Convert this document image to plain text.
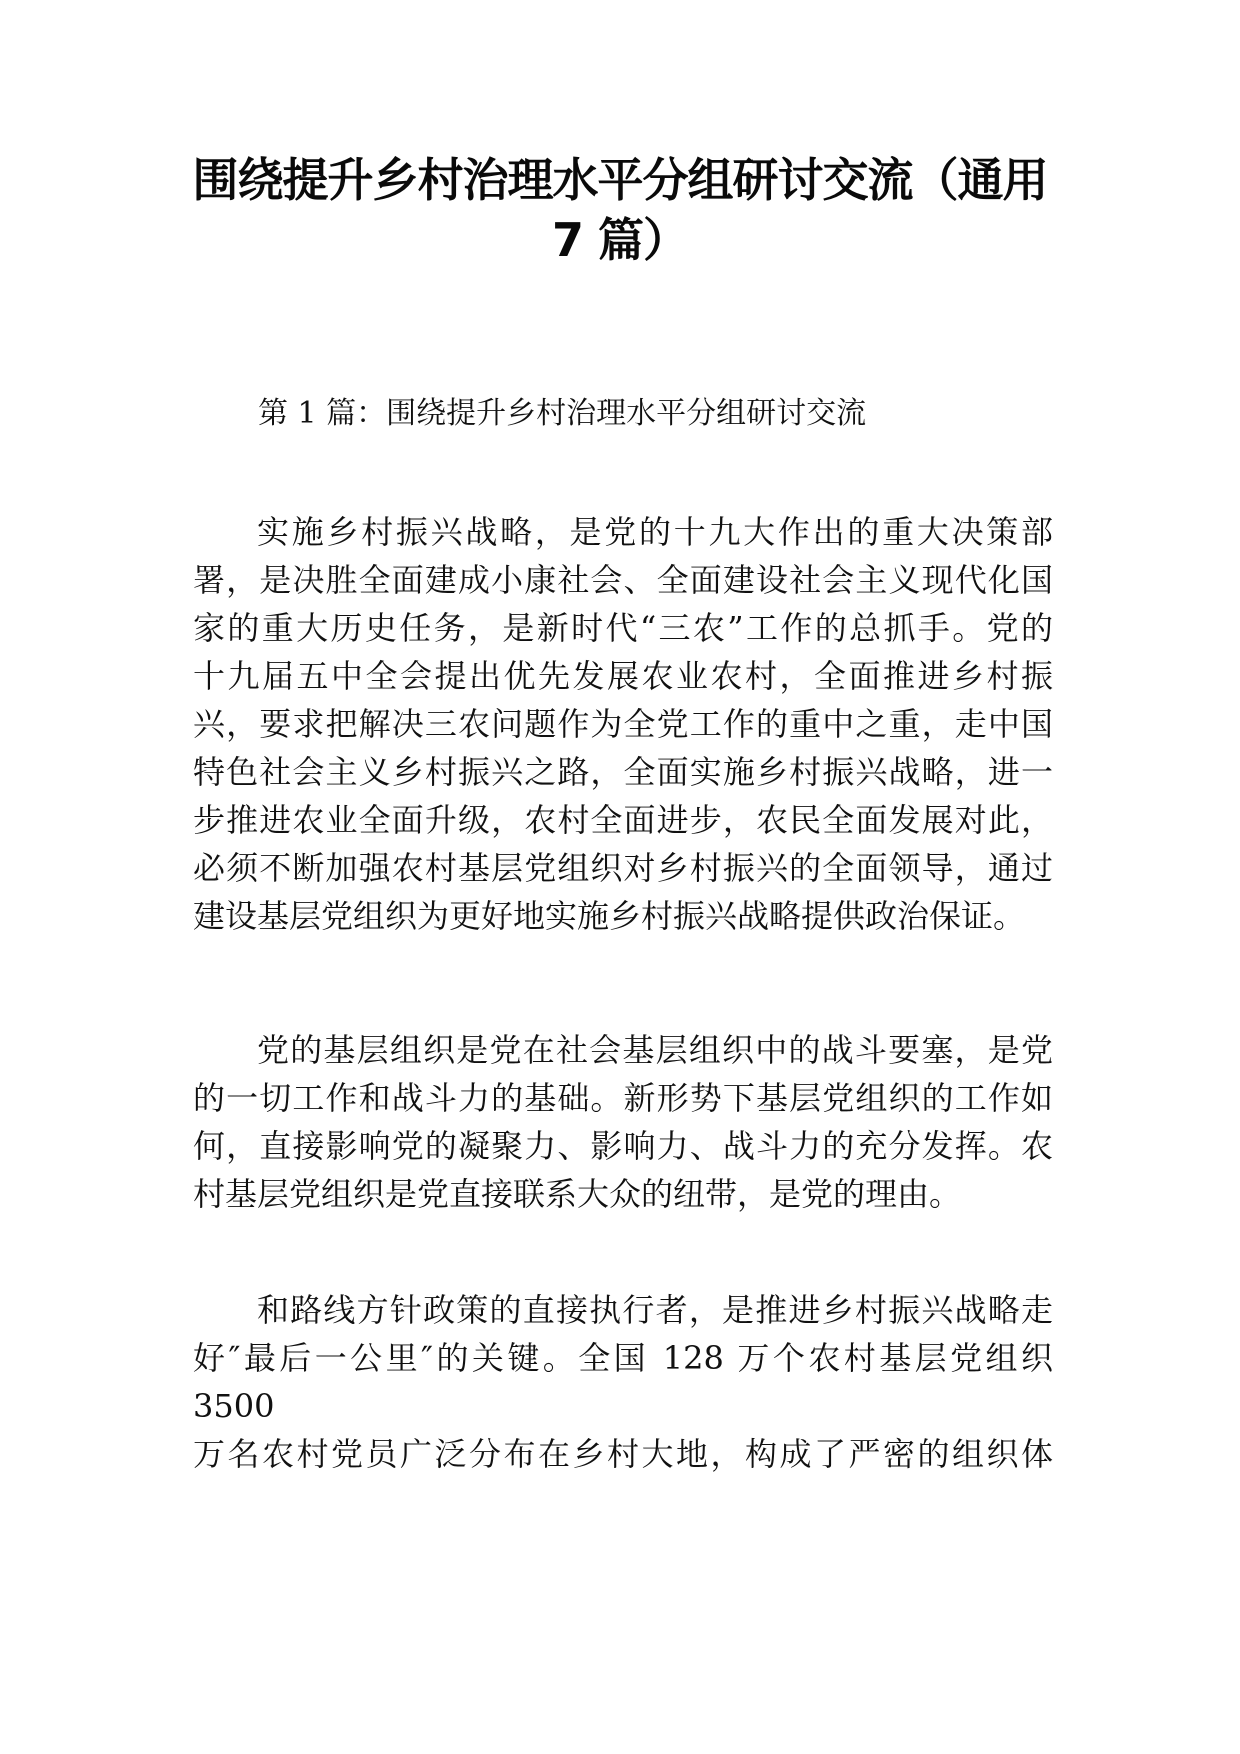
围绕提升乡村治理水平分组研讨交流（通用
7 篇）
第 1 篇：围绕提升乡村治理水平分组研讨交流
实施乡村振兴战略，是党的十九大作出的重大决策部
署，是决胜全面建成小康社会、全面建设社会主义现代化国
家的重大历史任务，是新时代“三农”工作的总抓手。党的
十九届五中全会提出优先发展农业农村，全面推进乡村振
兴，要求把解决三农问题作为全党工作的重中之重，走中国
特色社会主义乡村振兴之路，全面实施乡村振兴战略，进一
步推进农业全面升级，农村全面进步，农民全面发展对此，
必须不断加强农村基层党组织对乡村振兴的全面领导，通过
建设基层党组织为更好地实施乡村振兴战略提供政治保证。
党的基层组织是党在社会基层组织中的战斗要塞，是党
的一切工作和战斗力的基础。新形势下基层党组织的工作如
何，直接影响党的凝聚力、影响力、战斗力的充分发挥。农
村基层党组织是党直接联系大众的纽带，是党的理由。
和路线方针政策的直接执行者，是推进乡村振兴战略走
好″最后一公里″的关键。全国 128 万个农村基层党组织
3500
万名农村党员广泛分布在乡村大地，构成了严密的组织体
